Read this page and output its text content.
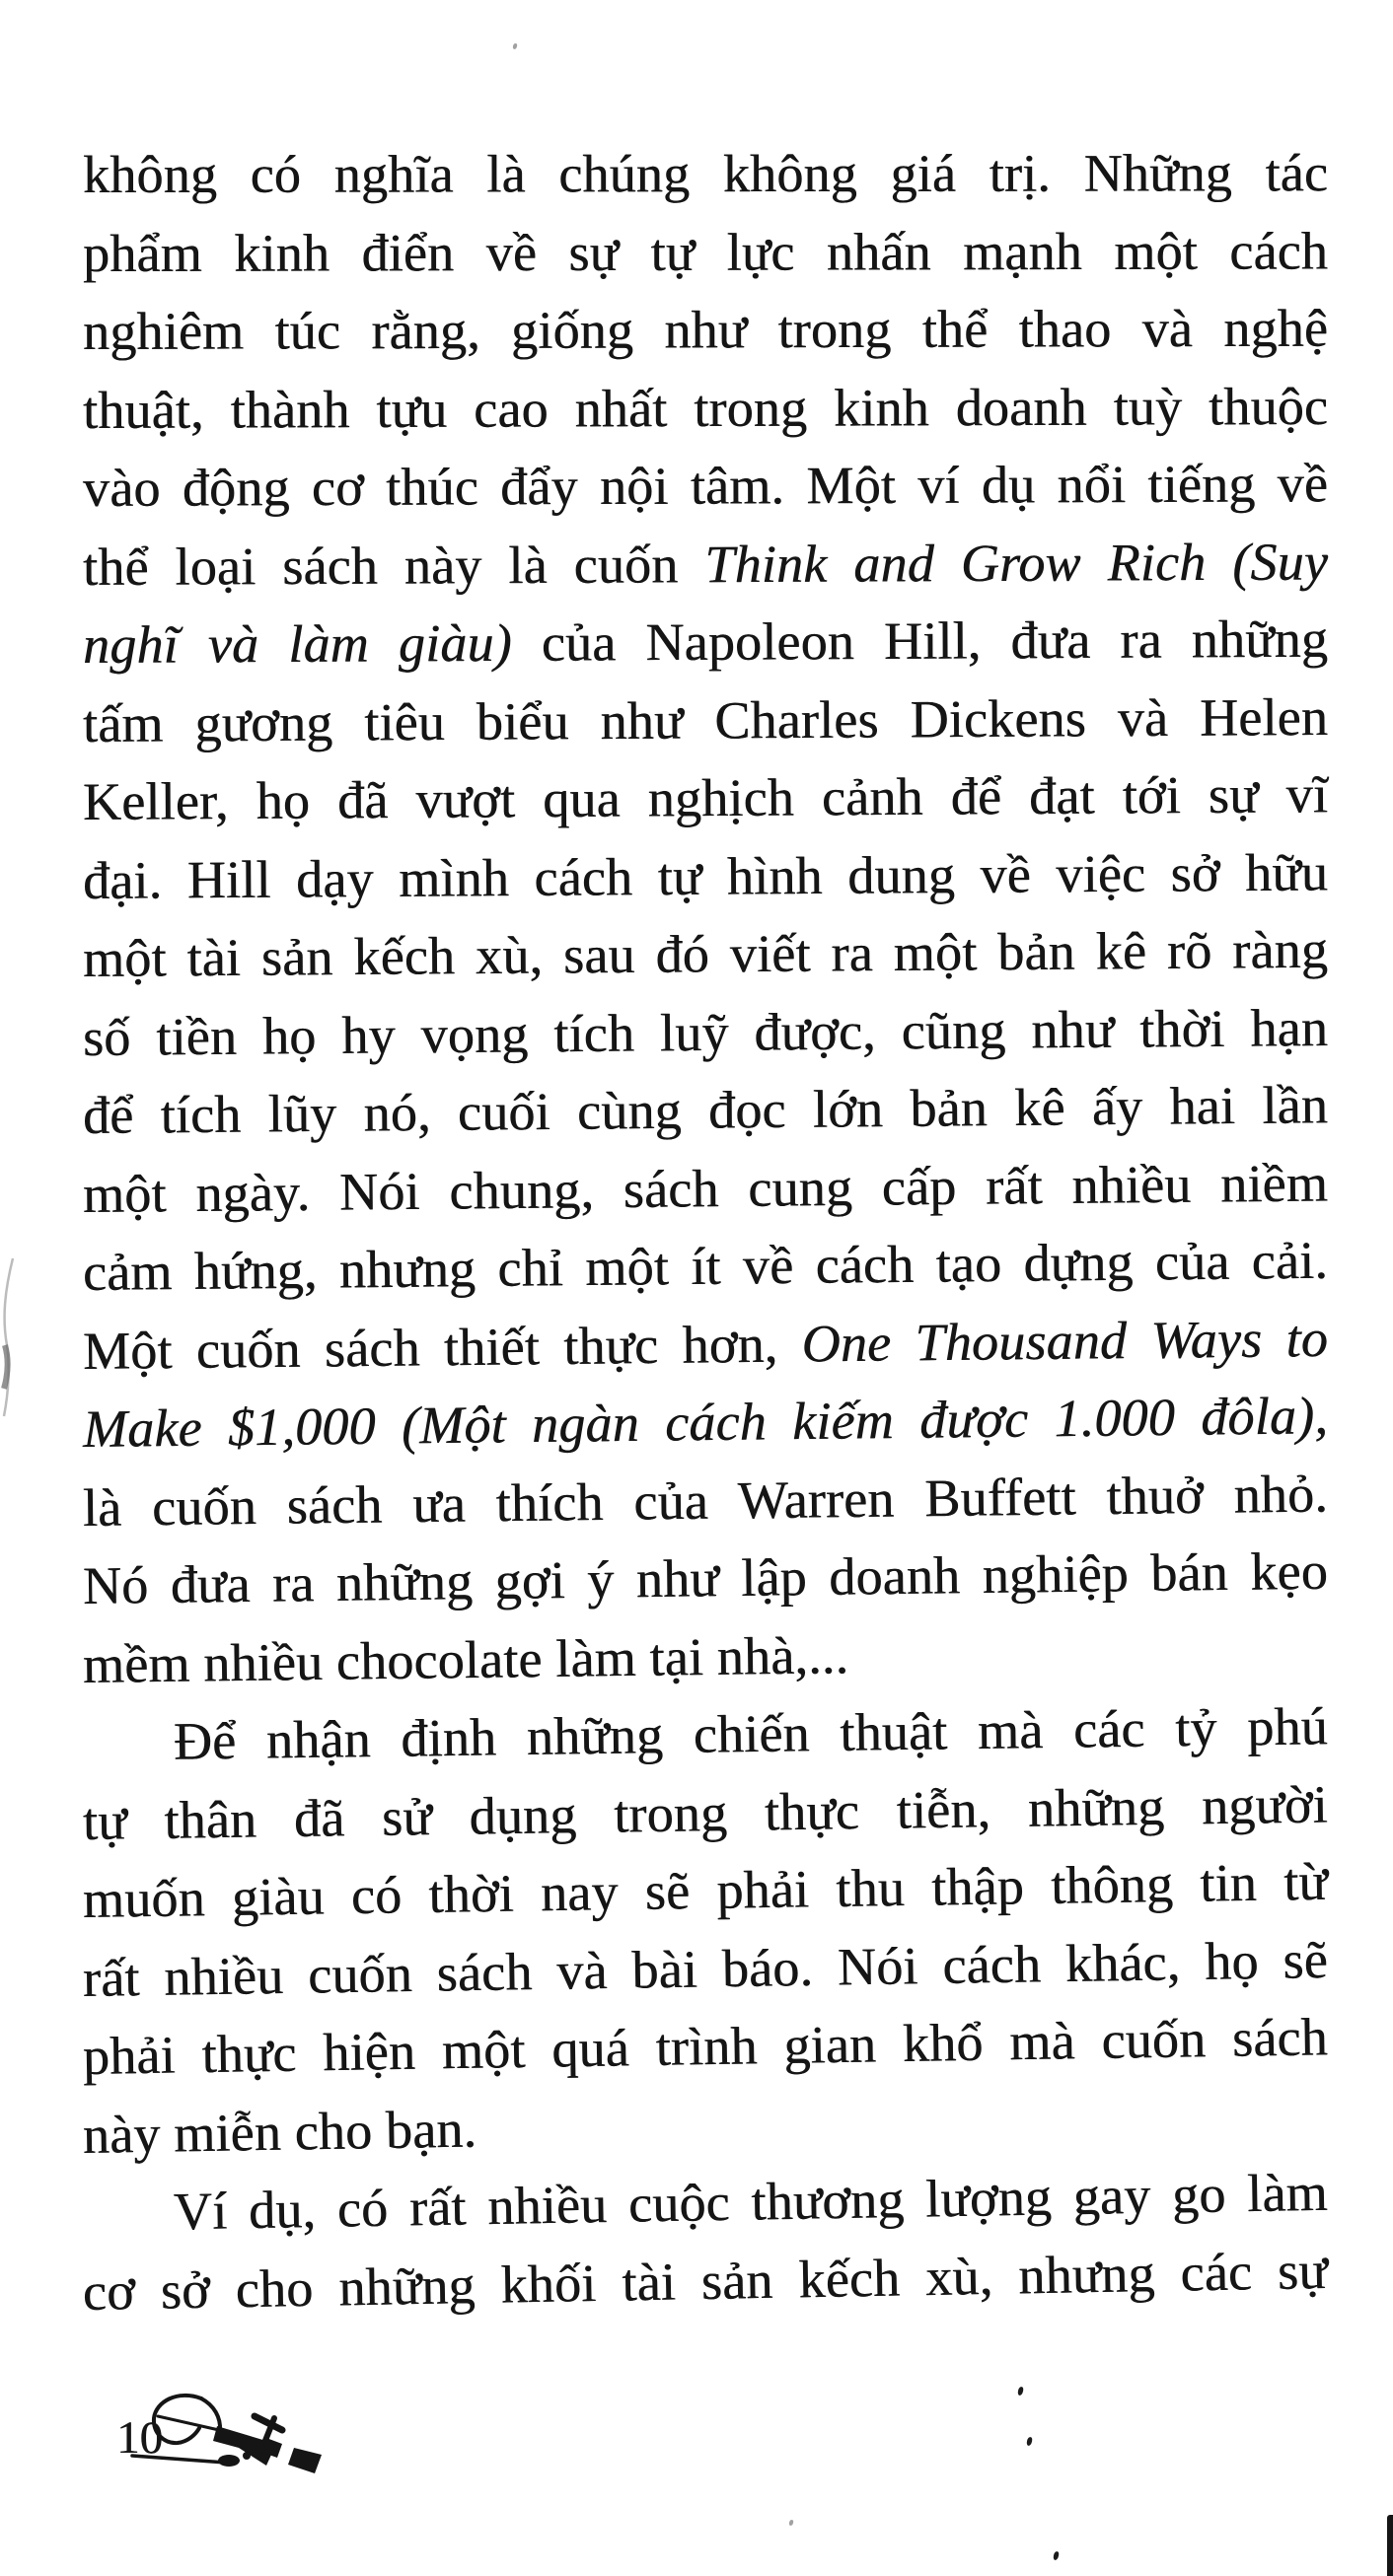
không có nghĩa là chúng không giá trị. Những tác
phẩm kinh điển về sự tự lực nhấn mạnh một cách
nghiêm túc rằng, giống như trong thể thao và nghệ
thuật, thành tựu cao nhất trong kinh doanh tuỳ thuộc
vào động cơ thúc đẩy nội tâm. Một ví dụ nổi tiếng về
thể loại sách này là cuốn Think and Grow Rich (Suy
nghĩ và làm giàu) của Napoleon Hill, đưa ra những
tấm gương tiêu biểu như Charles Dickens và Helen
Keller, họ đã vượt qua nghịch cảnh để đạt tới sự vĩ
đại. Hill dạy mình cách tự hình dung về việc sở hữu
một tài sản kếch xù, sau đó viết ra một bản kê rõ ràng
số tiền họ hy vọng tích luỹ được, cũng như thời hạn
để tích lũy nó, cuối cùng đọc lớn bản kê ấy hai lần
một ngày. Nói chung, sách cung cấp rất nhiều niềm
cảm hứng, nhưng chỉ một ít về cách tạo dựng của cải.
Một cuốn sách thiết thực hơn, One Thousand Ways to
Make $1,000 (Một ngàn cách kiếm được 1.000 đôla),
là cuốn sách ưa thích của Warren Buffett thuở nhỏ.
Nó đưa ra những gợi ý như lập doanh nghiệp bán kẹo
mềm nhiều chocolate làm tại nhà,...
Để nhận định những chiến thuật mà các tỷ phú
tự thân đã sử dụng trong thực tiễn, những người
muốn giàu có thời nay sẽ phải thu thập thông tin từ
rất nhiều cuốn sách và bài báo. Nói cách khác, họ sẽ
phải thực hiện một quá trình gian khổ mà cuốn sách
này miễn cho bạn.
Ví dụ, có rất nhiều cuộc thương lượng gay go làm
cơ sở cho những khối tài sản kếch xù, nhưng các sự
10
